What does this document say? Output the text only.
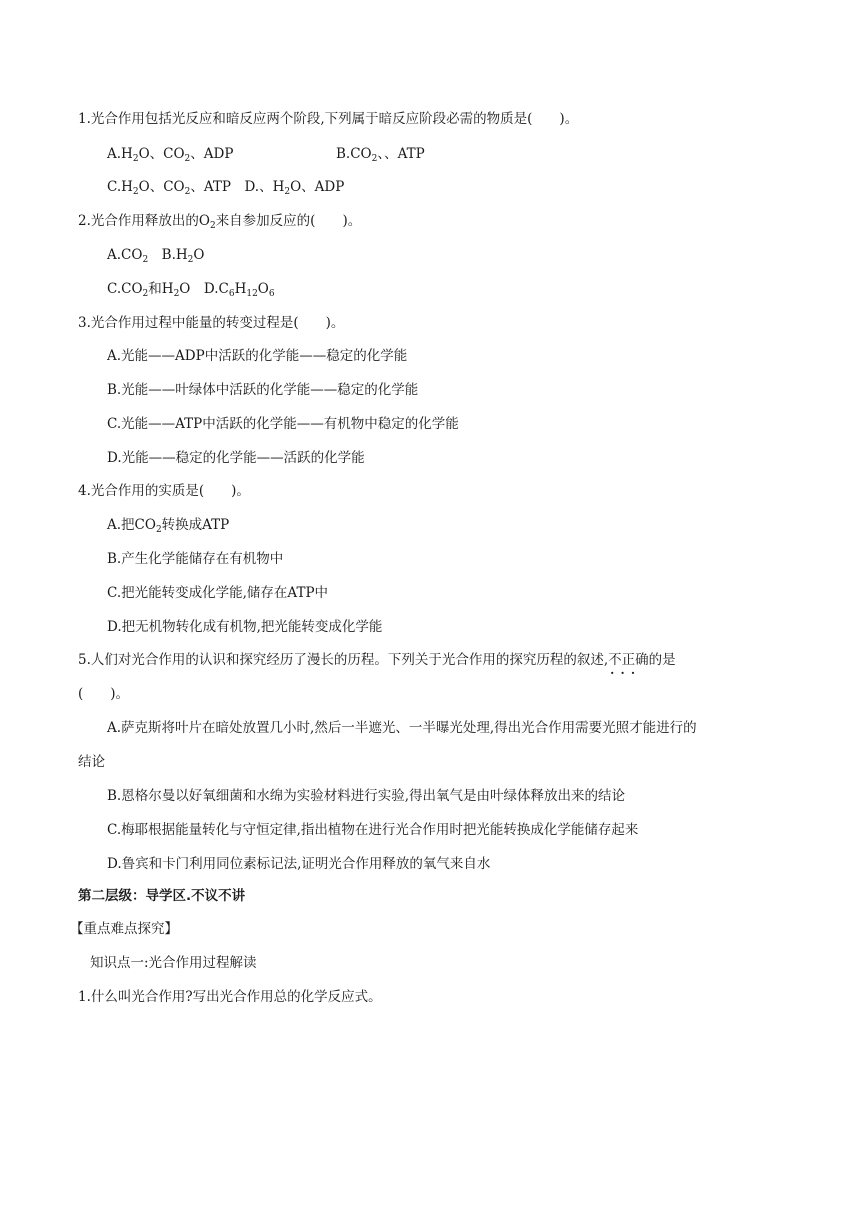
1.光合作用包括光反应和暗反应两个阶段,下列属于暗反应阶段必需的物质是(　　)。
$A.H_2O$、$CO_2$、ADP	$B.CO_2$、、ATP
$C.H_2O$、$CO_2$、ATP　D.、$H_2O$、ADP
2.光合作用释放出的$O_2$来自参加反应的(　　)。
$A.CO_2$　$B.H_2O$
$C.CO_2$和$H_2O$　$D.C_6H_{12}O_6$
3.光合作用过程中能量的转变过程是(　　)。
A.光能——ADP中活跃的化学能——稳定的化学能
B.光能——叶绿体中活跃的化学能——稳定的化学能
C.光能——ATP中活跃的化学能——有机物中稳定的化学能
D.光能——稳定的化学能——活跃的化学能
4.光合作用的实质是(　　)。
A.把$CO_2$转换成ATP
B.产生化学能储存在有机物中
C.把光能转变成化学能,储存在ATP中
D.把无机物转化成有机物,把光能转变成化学能
5.人们对光合作用的认识和探究经历了漫长的历程。下列关于光合作用的探究历程的叙述,不正确 · · ·的是
(　　)。
A.萨克斯将叶片在暗处放置几小时,然后一半遮光、一半曝光处理,得出光合作用需要光照才能进行的
结论
B.恩格尔曼以好氧细菌和水绵为实验材料进行实验,得出氧气是由叶绿体释放出来的结论
C.梅耶根据能量转化与守恒定律,指出植物在进行光合作用时把光能转换成化学能储存起来
D.鲁宾和卡门利用同位素标记法,证明光合作用释放的氧气来自水
第二层级：导学区.不议不讲
【重点难点探究】
知识点一:光合作用过程解读
1.什么叫光合作用?写出光合作用总的化学反应式。
